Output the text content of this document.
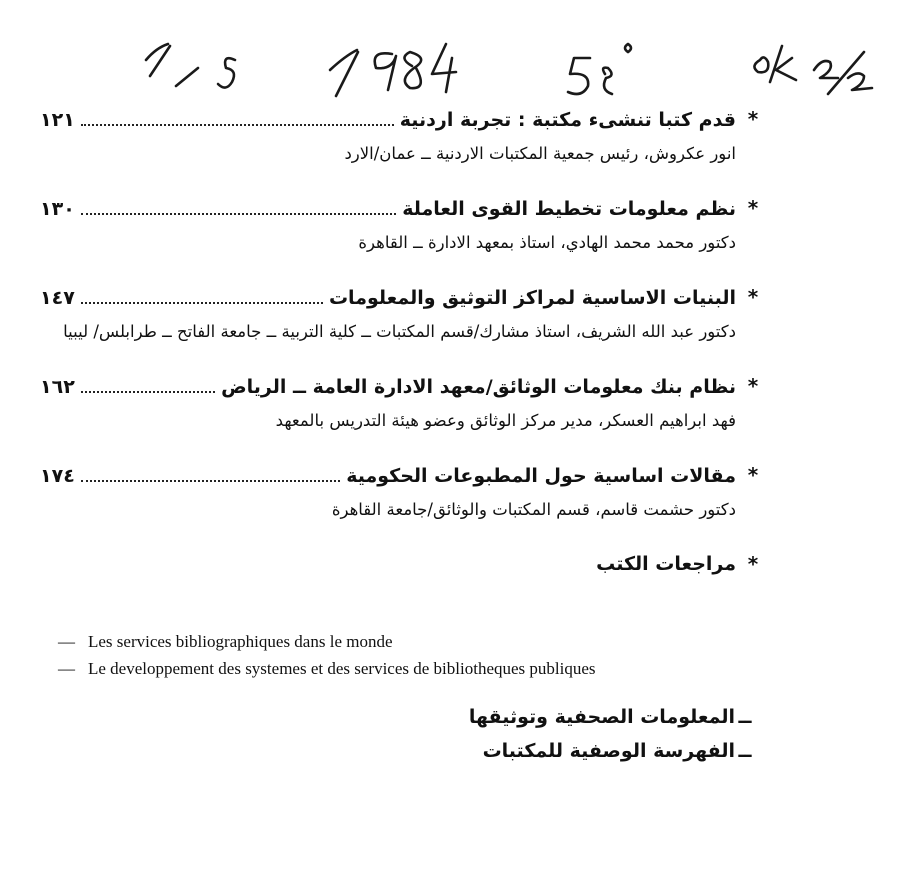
*
قدم كتبا تنشىء مكتبة : تجربة اردنية
١٢١
انور عكروش، رئيس جمعية المكتبات الاردنية ــ عمان/الارد
*
نظم معلومات تخطيط القوى العاملة
١٣٠
دكتور محمد محمد الهادي، استاذ بمعهد الادارة ــ القاهرة
*
البنيات الاساسية لمراكز التوثيق والمعلومات
١٤٧
دكتور عبد الله الشريف، استاذ مشارك/قسم المكتبات ــ كلية التربية ــ جامعة الفاتح ــ طرابلس/ ليبيا
*
نظام بنك معلومات الوثائق/معهد الادارة العامة ــ الرياض
١٦٢
فهد ابراهيم العسكر، مدير مركز الوثائق وعضو هيئة التدريس بالمعهد
*
مقالات اساسية حول المطبوعات الحكومية
١٧٤
دكتور حشمت قاسم، قسم المكتبات والوثائق/جامعة القاهرة
*
مراجعات الكتب
— Les services bibliographiques dans le monde
— Le developpement des systemes et des services de bibliotheques publiques
ــ
المعلومات الصحفية وتوثيقها
ــ
الفهرسة الوصفية للمكتبات
